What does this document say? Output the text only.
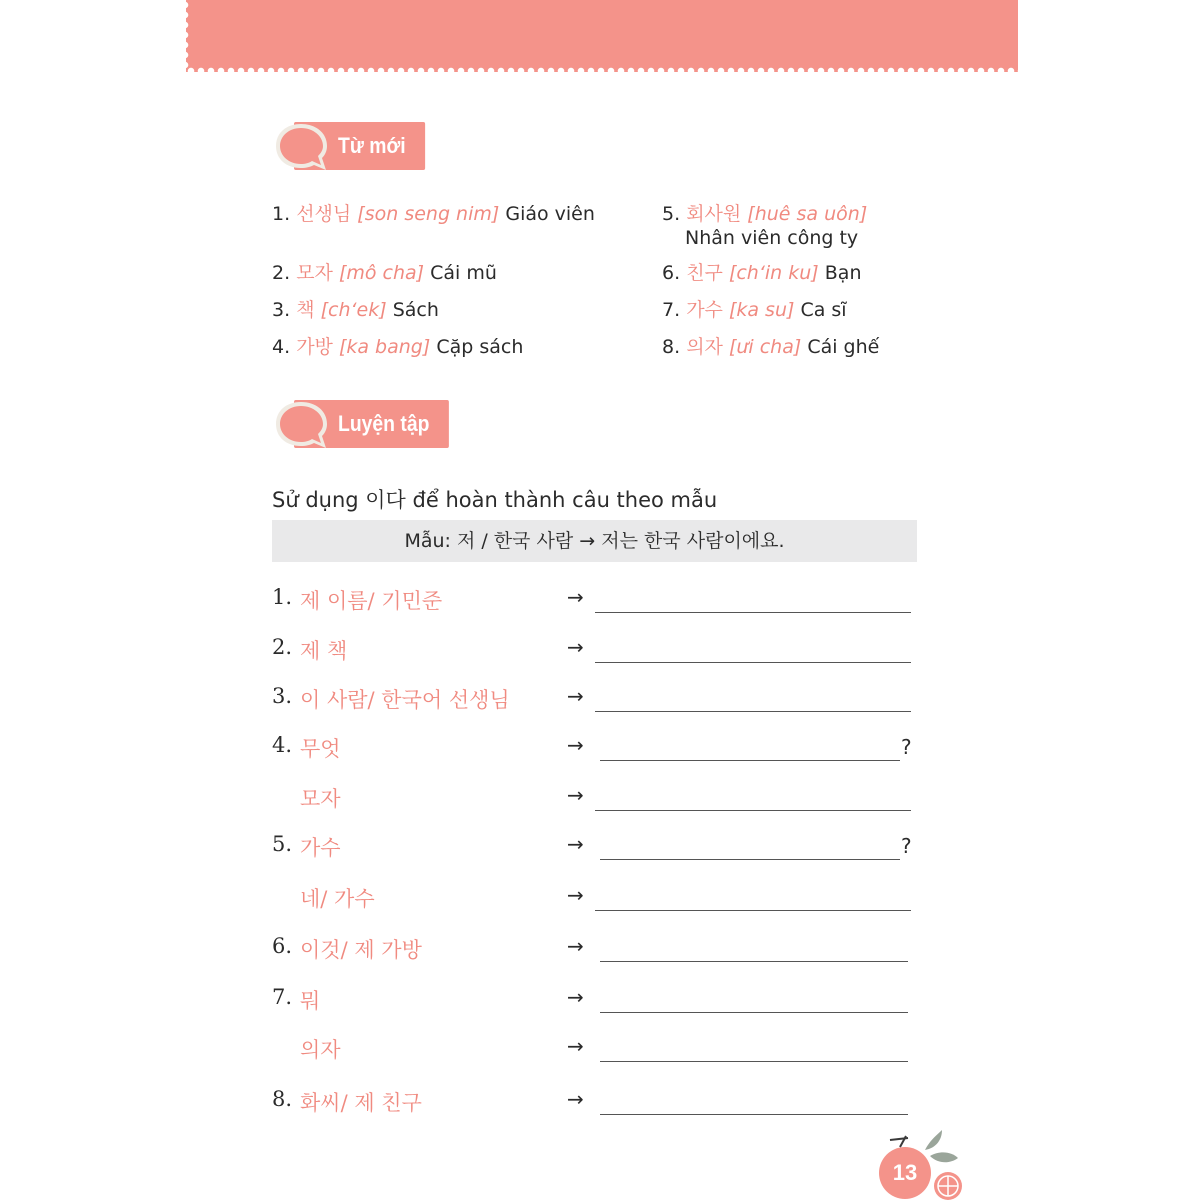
Từ mới
1. 선생님 [son seng nim] Giáo viên
2. 모자 [mô cha] Cái mũ
3. 책 [ch‘ek] Sách
4. 가방 [ka bang] Cặp sách
5. 회사원 [huê sa uôn]
Nhân viên công ty
6. 친구 [ch‘in ku] Bạn
7. 가수 [ka su] Ca sĩ
8. 의자 [ưi cha] Cái ghế
Luyện tập
Sử dụng 이다 để hoàn thành câu theo mẫu
Mẫu: 저 / 한국 사람 → 저는 한국 사람이에요.
1. 제 이름/ 기민준	→
2. 제 책	→
3. 이 사람/ 한국어 선생님	→
4. 무엇	→	?
모자	→
5. 가수	→	?
네/ 가수	→
6. 이것/ 제 가방	→
7. 뭐	→
의자	→
8. 화씨/ 제 친구	→
13
